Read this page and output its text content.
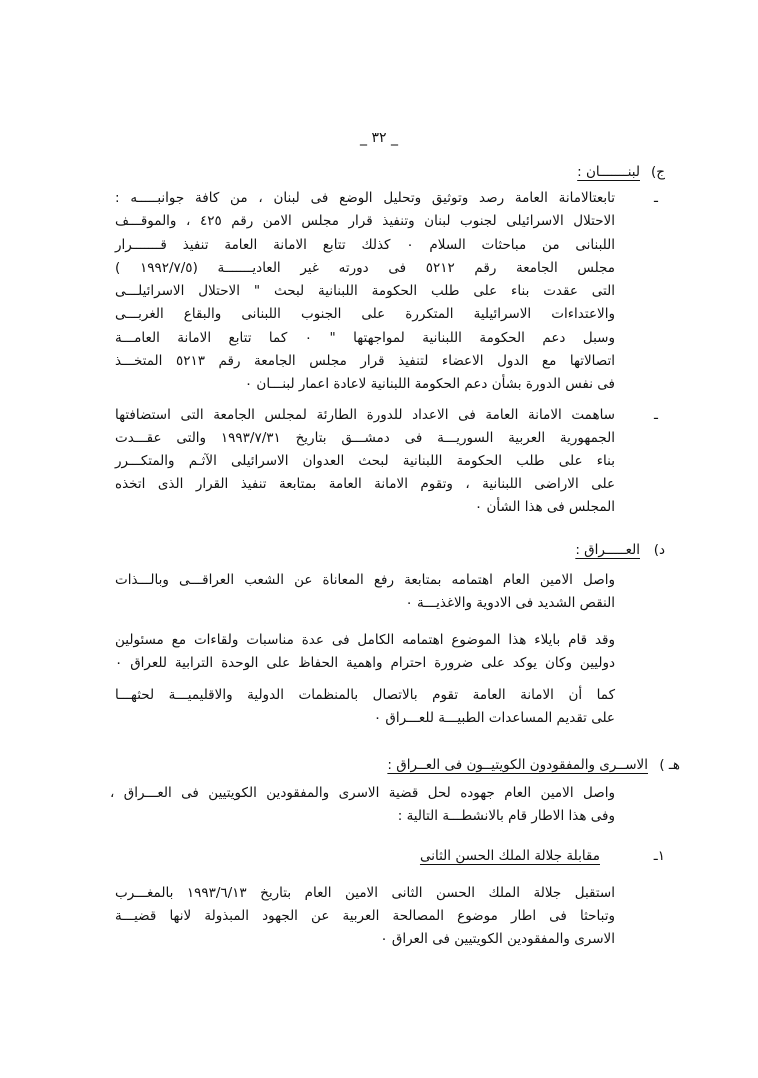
_ ٣٢ _
ـ
ج)
لبنـــــــان :
تابعتالامانة العامة رصد وتوثيق وتحليل الوضع فى لبنان ، من كافة جوانبـــــه :
الاحتلال الاسرائيلى لجنوب لبنان وتنفيذ قرار مجلس الامن رقم ٤٢٥ ، والموقـــف
اللبنانى من مباحثات السلام ٠ كذلك تتابع الامانة العامة تنفيذ قـــــــرار
مجلس الجامعة رقم ٥٢١٢ فى دورته غير العاديـــــــة (١٩٩٢/٧/٥ )
التى عقدت بناء على طلب الحكومة اللبنانية لبحث " الاحتلال الاسرائيلـــى
والاعتداءات الاسرائيلية المتكررة على الجنوب اللبنانى والبقاع الغربـــى
وسبل دعم الحكومة اللبنانية لمواجهتها " ٠ كما تتابع الامانة العامـــة
اتصالاتها مع الدول الاعضاء لتنفيذ قرار مجلس الجامعة رقم ٥٢١٣ المتخـــذ
فى نفس الدورة بشأن دعم الحكومة اللبنانية لاعادة اعمار لبنـــان ٠
ـ
ساهمت الامانة العامة فى الاعداد للدورة الطارئة لمجلس الجامعة التى استضافتها
الجمهورية العربية السوريـــة فى دمشـــق بتاريخ ١٩٩٣/٧/٣١ والتى عقـــدت
بناء على طلب الحكومة اللبنانية لبحث العدوان الاسرائيلى الآثـم والمتكـــرر
على الاراضى اللبنانية ، وتقوم الامانة العامة بمتابعة تنفيذ القرار الذى اتخذه
المجلس فى هذا الشأن ٠
د)
العـــــراق :
واصل الامين العام اهتمامه بمتابعة رفع المعاناة عن الشعب العراقـــى وبالـــذات
النقص الشديد فى الادوية والاغذيـــة ٠
وقد قام بايلاء هذا الموضوع اهتمامه الكامل فى عدة مناسبات ولقاءات مع مسئولين
دوليين وكان يوكد على ضرورة احترام واهمية الحفاظ على الوحدة الترابية للعراق ٠
كما أن الامانة العامة تقوم بالاتصال بالمنظمات الدولية والاقليميـــة لحثهـــا
على تقديم المساعدات الطبيـــة للعـــراق ٠
هـ )
الاســرى والمفقودون الكويتيــون فى العــراق :
واصل الامين العام جهوده لحل قضية الاسرى والمفقودين الكويتيين فى العـــراق ،
وفى هذا الاطار قام بالانشطـــة التالية :
١ـ
مقابلة جلالة الملك الحسن الثانى
استقبل جلالة الملك الحسن الثانى الامين العام بتاريخ ١٩٩٣/٦/١٣ بالمغـــرب
وتباحثا فى اطار موضوع المصالحة العربية عن الجهود المبذولة لانها قضيـــة
الاسرى والمفقودين الكويتيين فى العراق ٠
